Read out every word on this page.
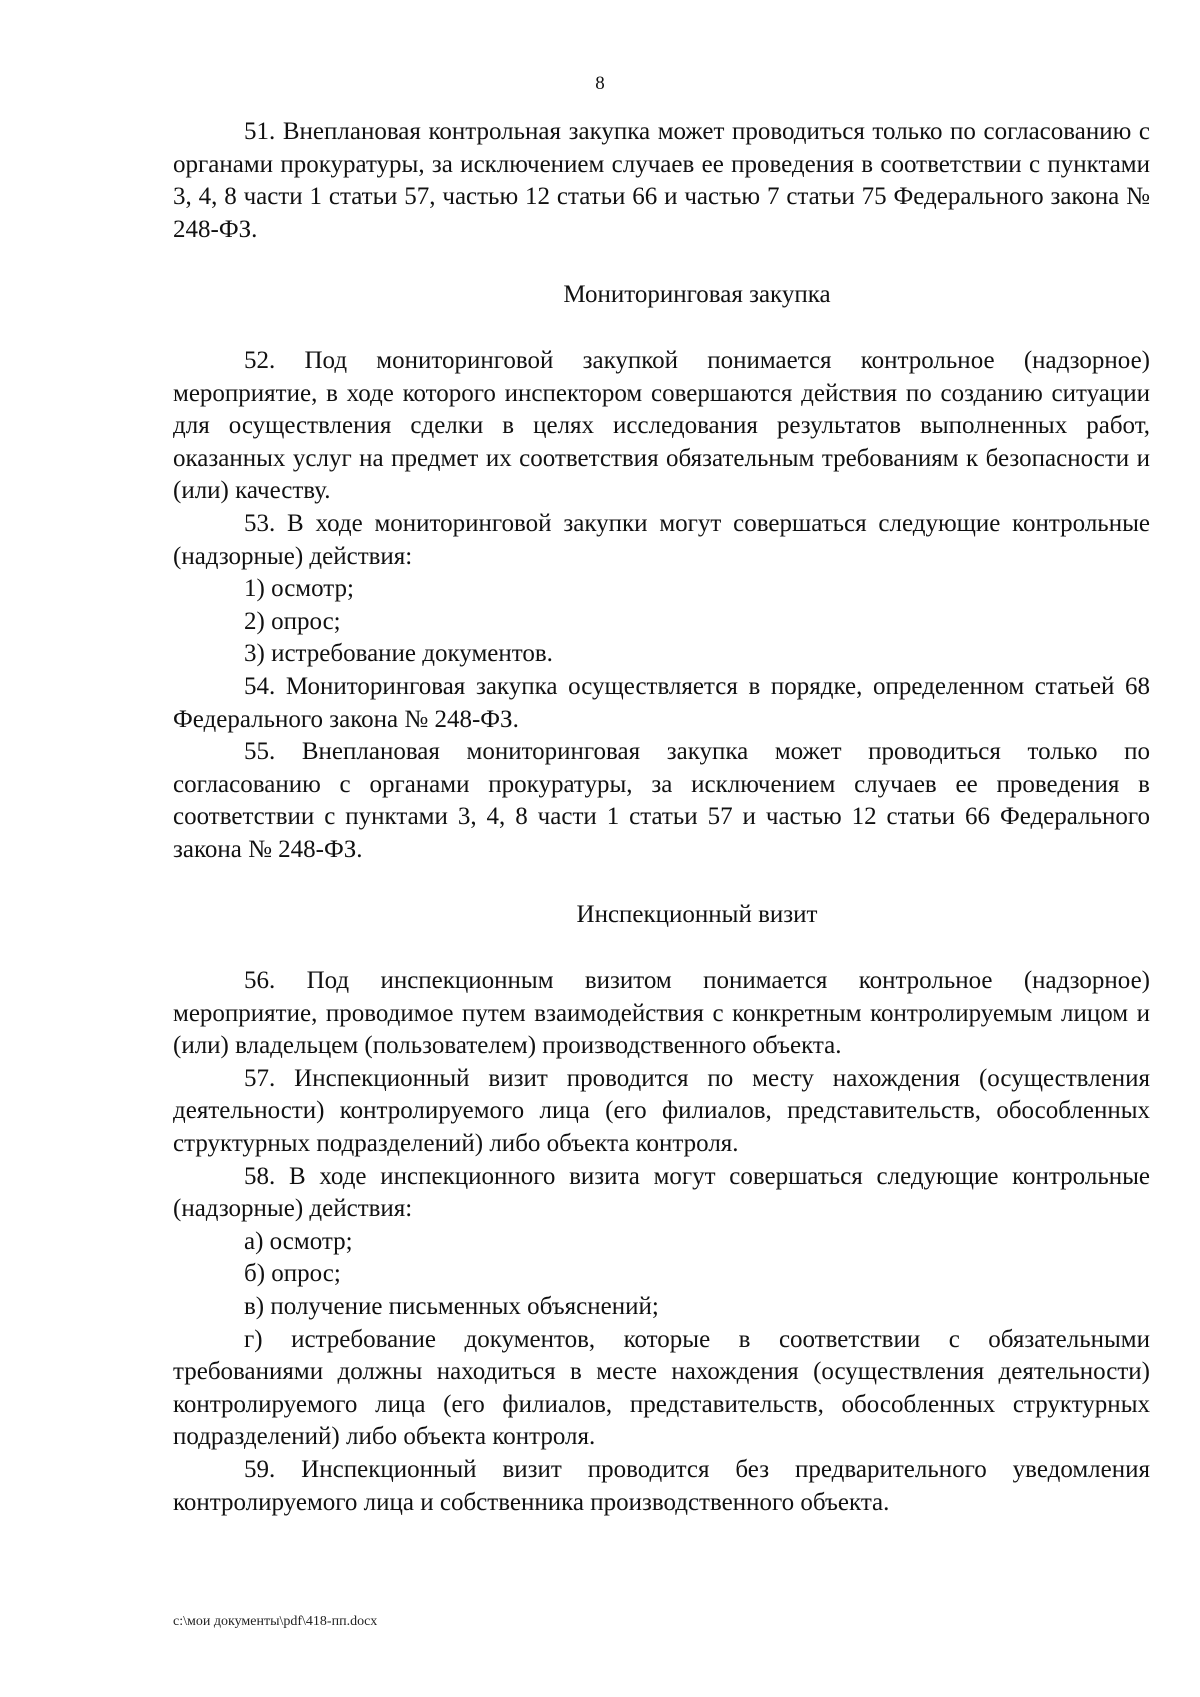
8

51. Внеплановая контрольная закупка может проводиться только по согласованию с органами прокуратуры, за исключением случаев ее проведения в соответствии с пунктами 3, 4, 8 части 1 статьи 57, частью 12 статьи 66 и частью 7 статьи 75 Федерального закона № 248-ФЗ.

Мониторинговая закупка

52. Под мониторинговой закупкой понимается контрольное (надзорное) мероприятие, в ходе которого инспектором совершаются действия по созданию ситуации для осуществления сделки в целях исследования результатов выполненных работ, оказанных услуг на предмет их соответствия обязательным требованиям к безопасности и (или) качеству.

53. В ходе мониторинговой закупки могут совершаться следующие контрольные (надзорные) действия:

1) осмотр;

2) опрос;

3) истребование документов.

54. Мониторинговая закупка осуществляется в порядке, определенном статьей 68 Федерального закона № 248-ФЗ.

55. Внеплановая мониторинговая закупка может проводиться только по согласованию с органами прокуратуры, за исключением случаев ее проведения в соответствии с пунктами 3, 4, 8 части 1 статьи 57 и частью 12 статьи 66 Федерального закона № 248-ФЗ.

Инспекционный визит

56. Под инспекционным визитом понимается контрольное (надзорное) мероприятие, проводимое путем взаимодействия с конкретным контролируемым лицом и (или) владельцем (пользователем) производственного объекта.

57. Инспекционный визит проводится по месту нахождения (осуществления деятельности) контролируемого лица (его филиалов, представительств, обособленных структурных подразделений) либо объекта контроля.

58. В ходе инспекционного визита могут совершаться следующие контрольные (надзорные) действия:

а) осмотр;

б) опрос;

в) получение письменных объяснений;

г) истребование документов, которые в соответствии с обязательными требованиями должны находиться в месте нахождения (осуществления деятельности) контролируемого лица (его филиалов, представительств, обособленных структурных подразделений) либо объекта контроля.

59. Инспекционный визит проводится без предварительного уведомления контролируемого лица и собственника производственного объекта.

c:\мои документы\pdf\418-пп.docx
